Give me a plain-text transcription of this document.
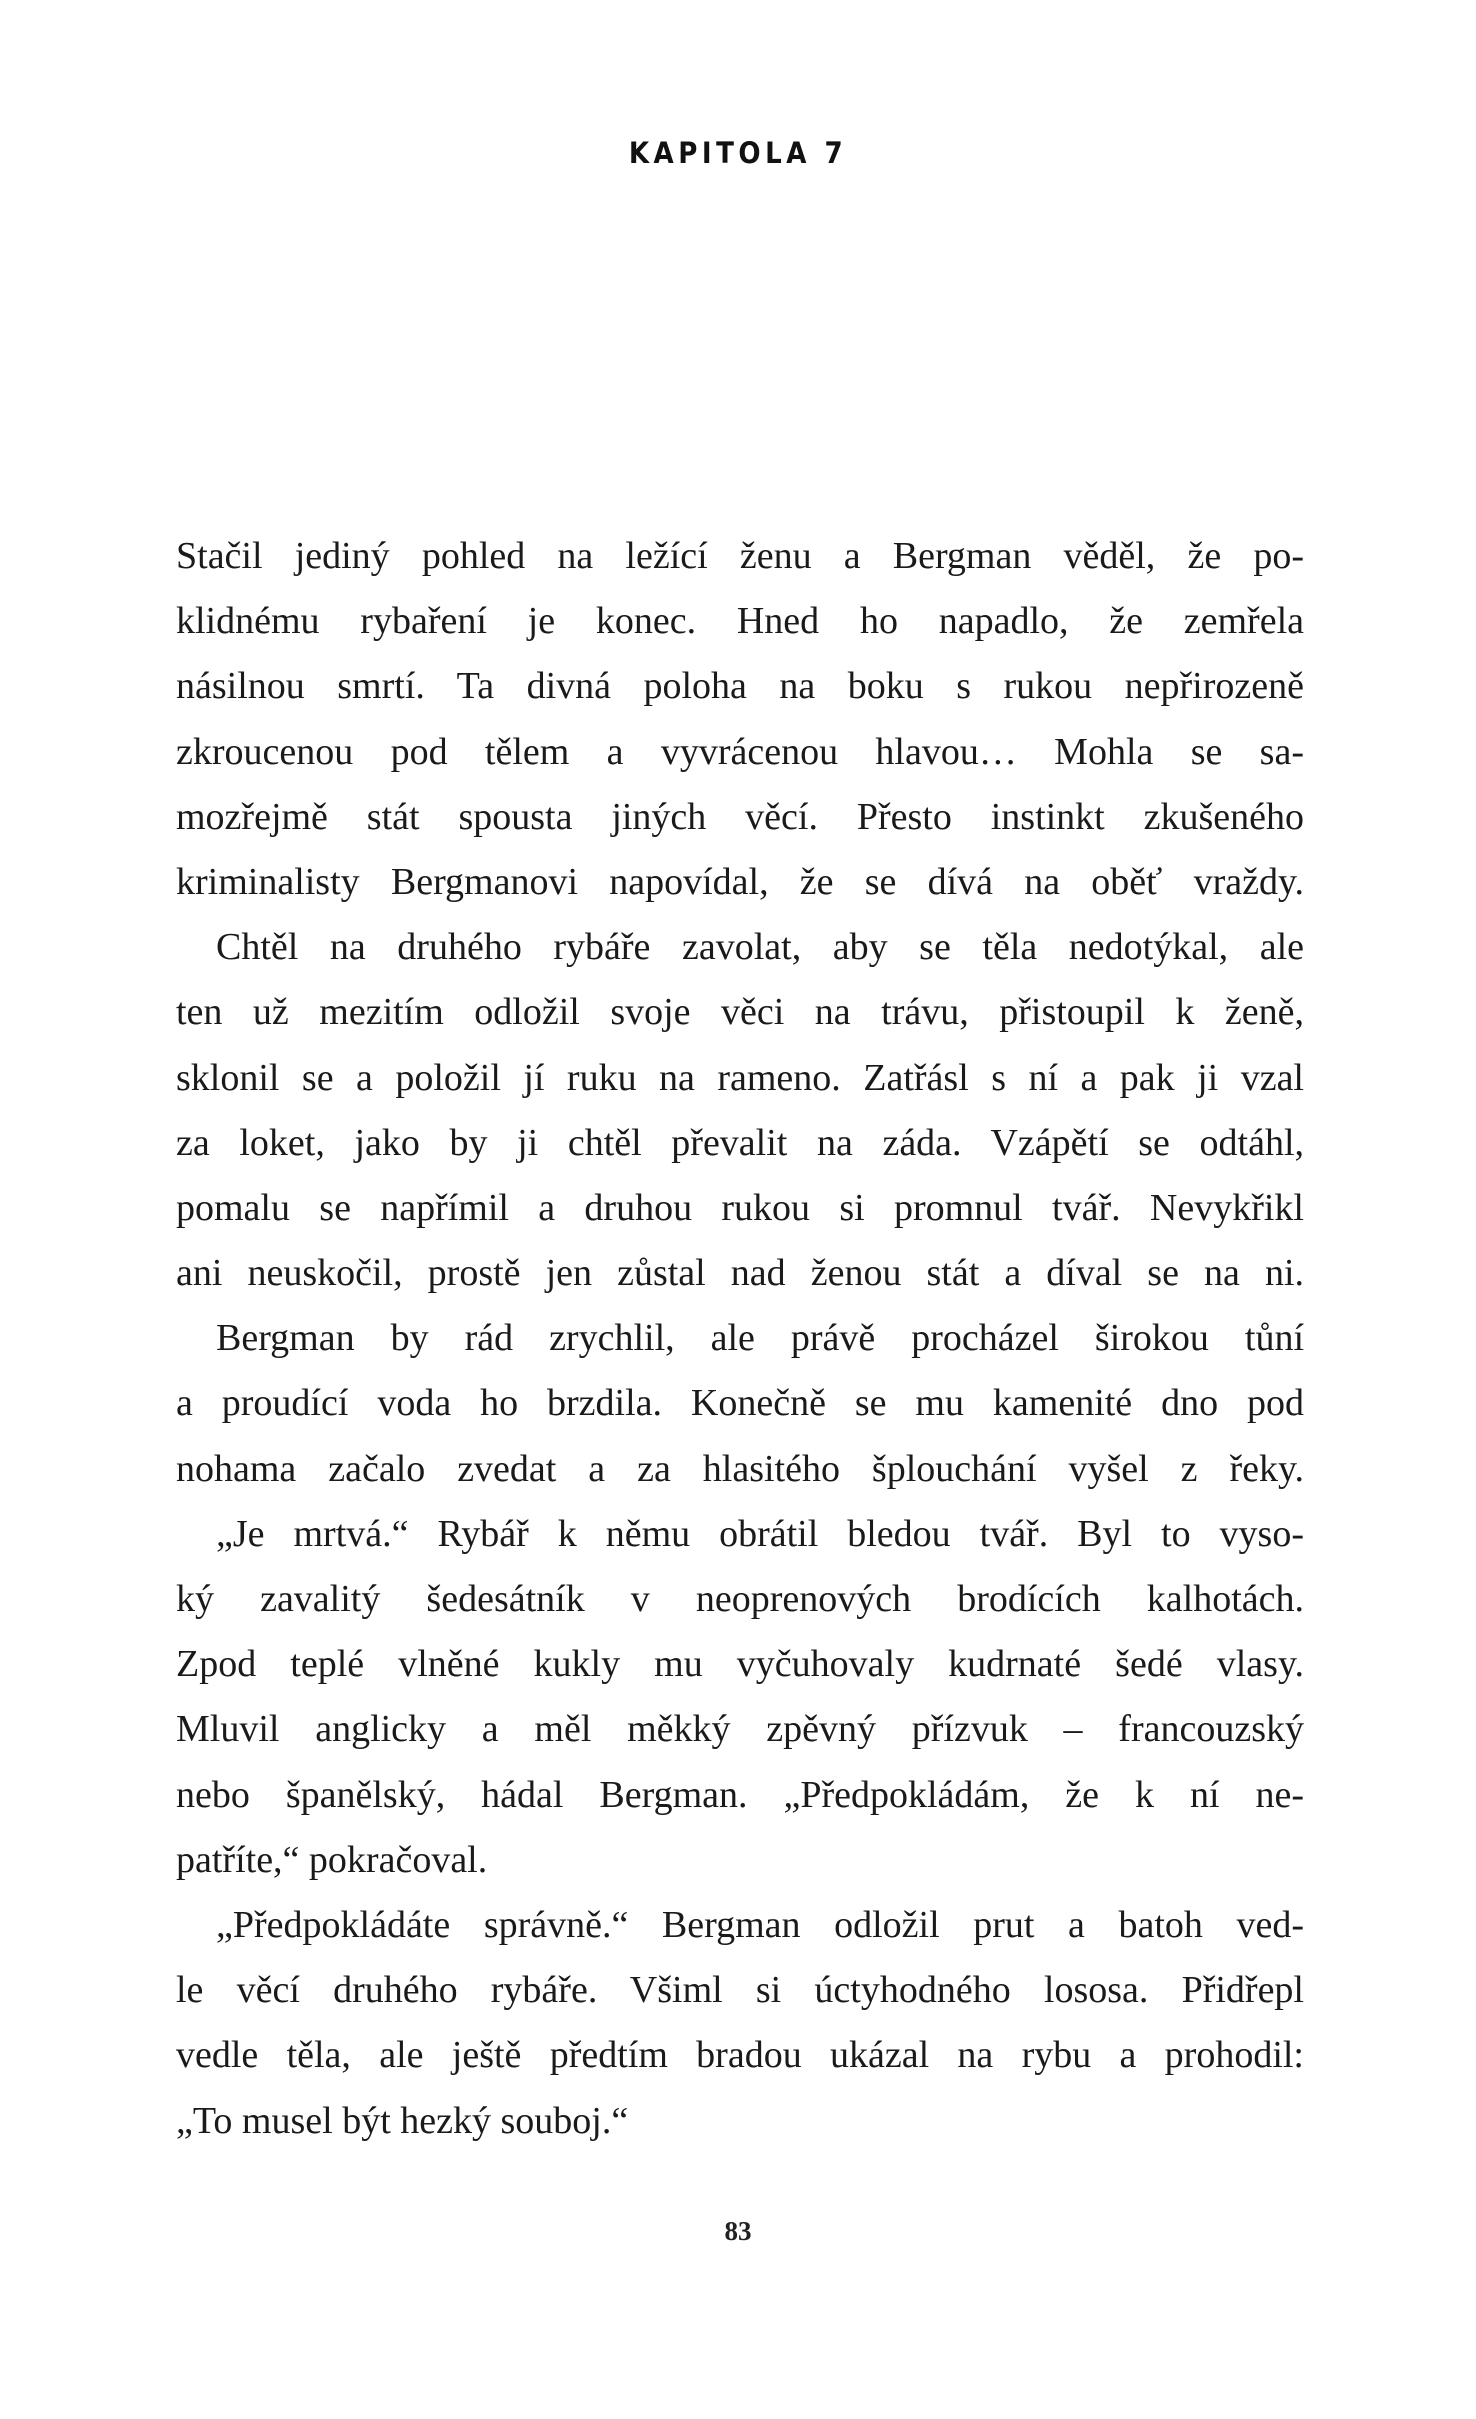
KAPITOLA 7
Stačil jediný pohled na ležící ženu a Bergman věděl, že po-
klidnému rybaření je konec. Hned ho napadlo, že zemřela
násilnou smrtí. Ta divná poloha na boku s rukou nepřirozeně
zkroucenou pod tělem a vyvrácenou hlavou… Mohla se sa-
mozřejmě stát spousta jiných věcí. Přesto instinkt zkušeného
kriminalisty Bergmanovi napovídal, že se dívá na oběť vraždy.
Chtěl na druhého rybáře zavolat, aby se těla nedotýkal, ale
ten už mezitím odložil svoje věci na trávu, přistoupil k ženě,
sklonil se a položil jí ruku na rameno. Zatřásl s ní a pak ji vzal
za loket, jako by ji chtěl převalit na záda. Vzápětí se odtáhl,
pomalu se napřímil a druhou rukou si promnul tvář. Nevykřikl
ani neuskočil, prostě jen zůstal nad ženou stát a díval se na ni.
Bergman by rád zrychlil, ale právě procházel širokou tůní
a proudící voda ho brzdila. Konečně se mu kamenité dno pod
nohama začalo zvedat a za hlasitého šplouchání vyšel z řeky.
„Je mrtvá.“ Rybář k němu obrátil bledou tvář. Byl to vyso-
ký zavalitý šedesátník v neoprenových brodících kalhotách.
Zpod teplé vlněné kukly mu vyčuhovaly kudrnaté šedé vlasy.
Mluvil anglicky a měl měkký zpěvný přízvuk – francouzský
nebo španělský, hádal Bergman. „Předpokládám, že k ní ne-
patříte,“ pokračoval.
„Předpokládáte správně.“ Bergman odložil prut a batoh ved-
le věcí druhého rybáře. Všiml si úctyhodného lososa. Přidřepl
vedle těla, ale ještě předtím bradou ukázal na rybu a prohodil:
„To musel být hezký souboj.“
83
